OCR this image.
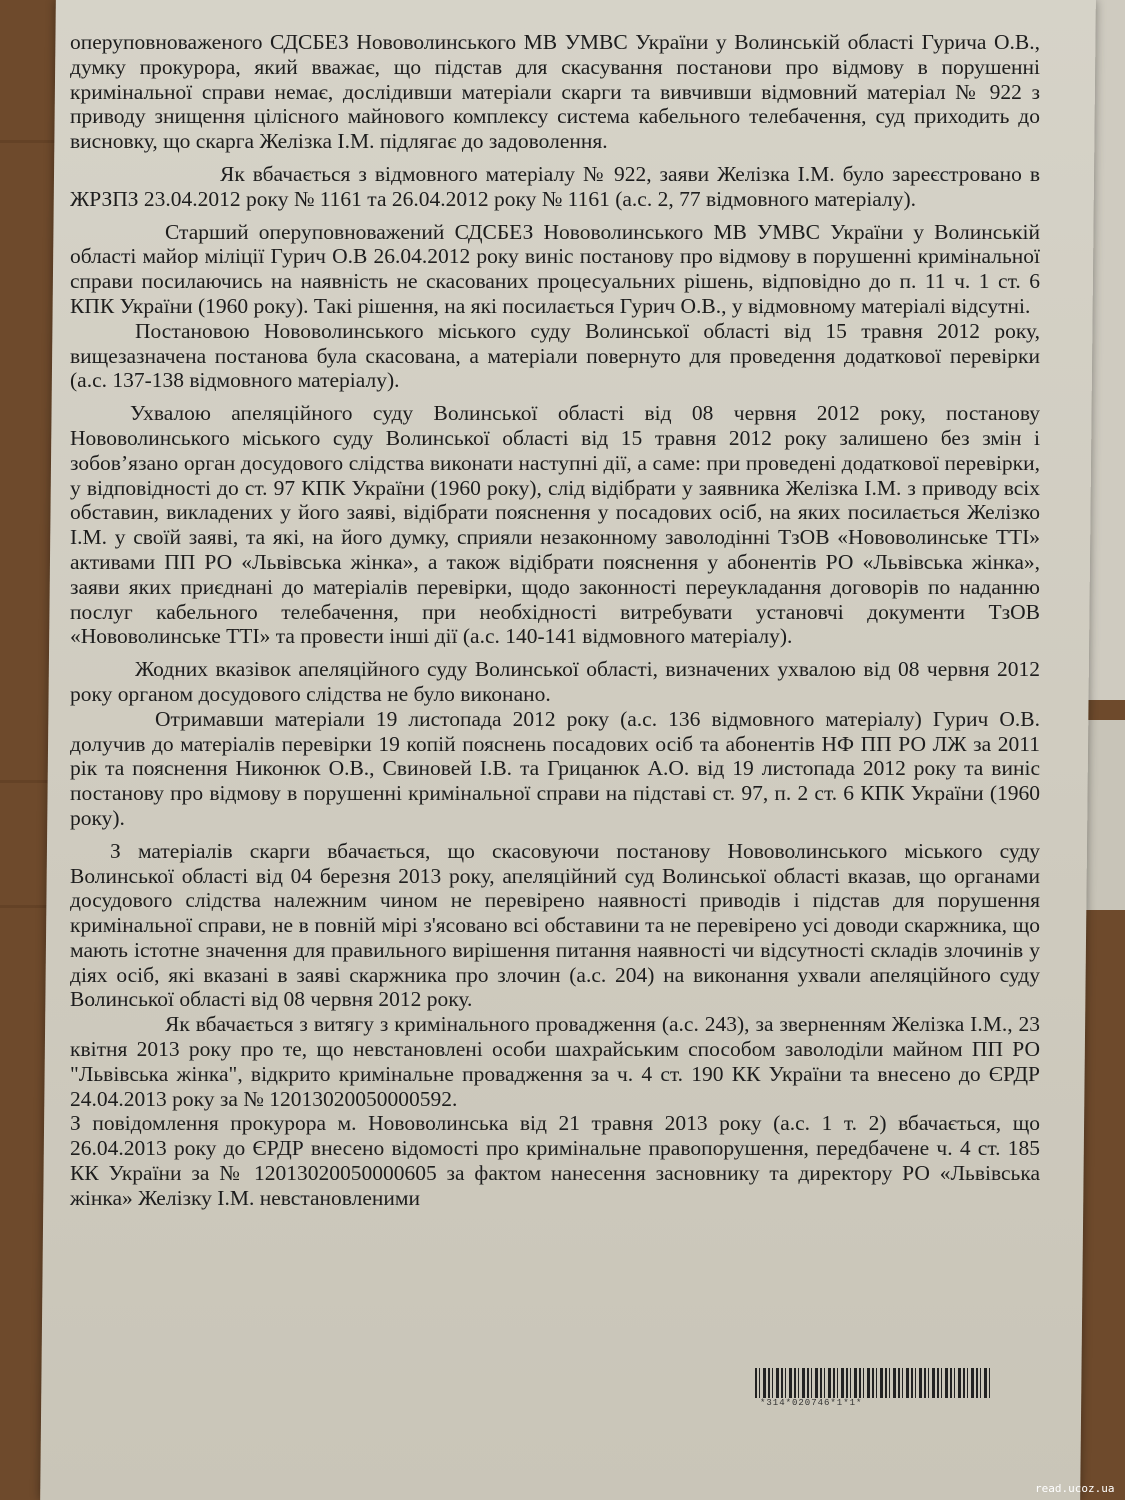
оперуповноваженого СДСБЕЗ Нововолинського МВ УМВС України у Волинській області Гурича О.В., думку прокурора, який вважає, що підстав для скасування постанови про відмову в порушенні кримінальної справи немає, дослідивши матеріали скарги та вивчивши відмовний матеріал № 922 з приводу знищення цілісного майнового комплексу система кабельного телебачення, суд приходить до висновку, що скарга Желізка І.М. підлягає до задоволення.

Як вбачається з відмовного матеріалу № 922, заяви Желізка І.М. було зареєстровано в ЖРЗПЗ 23.04.2012 року № 1161 та 26.04.2012 року № 1161 (а.с. 2, 77 відмовного матеріалу).

Старший оперуповноважений СДСБЕЗ Нововолинського МВ УМВС України у Волинській області майор міліції Гурич О.В 26.04.2012 року виніс постанову про відмову в порушенні кримінальної справи посилаючись на наявність не скасованих процесуальних рішень, відповідно до п. 11 ч. 1 ст. 6 КПК України (1960 року). Такі рішення, на які посилається Гурич О.В., у відмовному матеріалі відсутні.

Постановою Нововолинського міського суду Волинської області від 15 травня 2012 року, вищезазначена постанова була скасована, а матеріали повернуто для проведення додаткової перевірки (а.с. 137-138 відмовного матеріалу).

Ухвалою апеляційного суду Волинської області від 08 червня 2012 року, постанову Нововолинського міського суду Волинської області від 15 травня 2012 року залишено без змін і зобов’язано орган досудового слідства виконати наступні дії, а саме: при проведені додаткової перевірки, у відповідності до ст. 97 КПК України (1960 року), слід відібрати у заявника Желізка І.М. з приводу всіх обставин, викладених у його заяві, відібрати пояснення у посадових осіб, на яких посилається Желізко І.М. у своїй заяві, та які, на його думку, сприяли незаконному заволодінні ТзОВ «Нововолинське ТТІ» активами ПП РО «Львівська жінка», а також відібрати пояснення у абонентів РО «Львівська жінка», заяви яких приєднані до матеріалів перевірки, щодо законності переукладання договорів по наданню послуг кабельного телебачення, при необхідності витребувати установчі документи ТзОВ «Нововолинське ТТІ» та провести інші дії (а.с. 140-141 відмовного матеріалу).

Жодних вказівок апеляційного суду Волинської області, визначених ухвалою від 08 червня 2012 року органом досудового слідства не було виконано.

Отримавши матеріали 19 листопада 2012 року (а.с. 136 відмовного матеріалу) Гурич О.В. долучив до матеріалів перевірки 19 копій пояснень посадових осіб та абонентів НФ ПП РО ЛЖ за 2011 рік та пояснення Никонюк О.В., Свиновей І.В. та Грицанюк А.О. від 19 листопада 2012 року та виніс постанову про відмову в порушенні кримінальної справи на підставі ст. 97, п. 2 ст. 6 КПК України (1960 року).

З матеріалів скарги вбачається, що скасовуючи постанову Нововолинського міського суду Волинської області від 04 березня 2013 року, апеляційний суд Волинської області вказав, що органами досудового слідства належним чином не перевірено наявності приводів і підстав для порушення кримінальної справи, не в повній мірі з'ясовано всі обставини та не перевірено усі доводи скаржника, що мають істотне значення для правильного вирішення питання наявності чи відсутності складів злочинів у діях осіб, які вказані в заяві скаржника про злочин (а.с. 204) на виконання ухвали апеляційного суду Волинської області від 08 червня 2012 року.

Як вбачається з витягу з кримінального провадження (а.с. 243), за зверненням Желізка І.М., 23 квітня 2013 року про те, що невстановлені особи шахрайським способом заволоділи майном ПП РО "Львівська жінка", відкрито кримінальне провадження за ч. 4 ст. 190 КК України та внесено до ЄРДР 24.04.2013 року за № 12013020050000592.

З повідомлення прокурора м. Нововолинська від 21 травня 2013 року (а.с. 1 т. 2) вбачається, що 26.04.2013 року до ЄРДР внесено відомості про кримінальне правопорушення, передбачене ч. 4 ст. 185 КК України за № 12013020050000605 за фактом нанесення засновнику та директору РО «Львівська жінка» Желізку І.М. невстановленими

*314*020746*1*1*
read.ucoz.ua
